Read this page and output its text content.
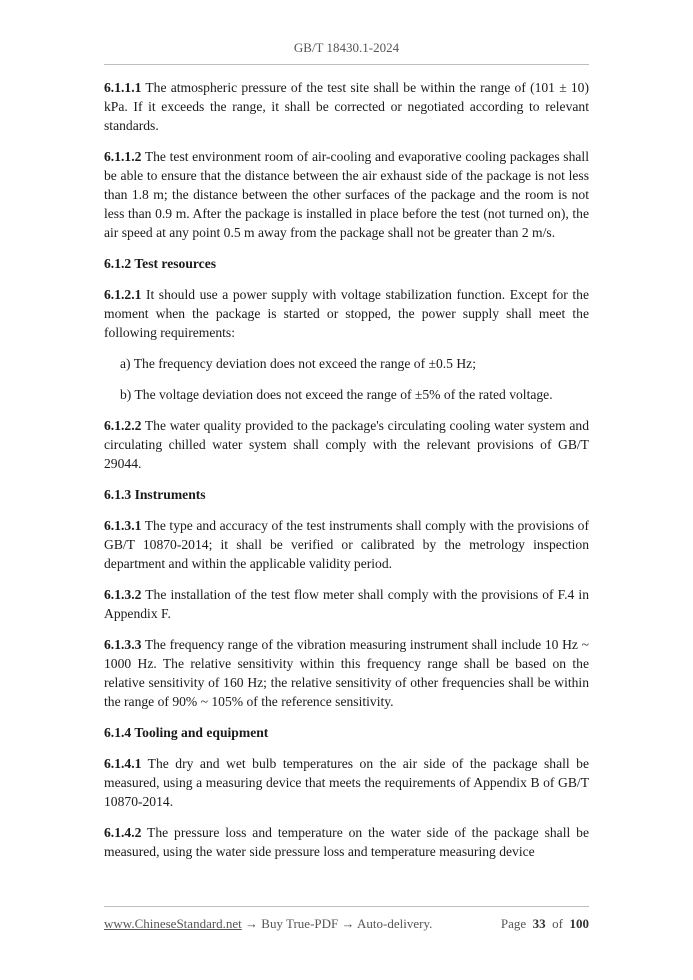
GB/T 18430.1-2024

6.1.1.1 The atmospheric pressure of the test site shall be within the range of (101 ± 10) kPa. If it exceeds the range, it shall be corrected or negotiated according to relevant standards.

6.1.1.2 The test environment room of air-cooling and evaporative cooling packages shall be able to ensure that the distance between the air exhaust side of the package is not less than 1.8 m; the distance between the other surfaces of the package and the room is not less than 0.9 m. After the package is installed in place before the test (not turned on), the air speed at any point 0.5 m away from the package shall not be greater than 2 m/s.

6.1.2 Test resources

6.1.2.1 It should use a power supply with voltage stabilization function. Except for the moment when the package is started or stopped, the power supply shall meet the following requirements:

a) The frequency deviation does not exceed the range of ±0.5 Hz;

b) The voltage deviation does not exceed the range of ±5% of the rated voltage.

6.1.2.2 The water quality provided to the package's circulating cooling water system and circulating chilled water system shall comply with the relevant provisions of GB/T 29044.

6.1.3 Instruments

6.1.3.1 The type and accuracy of the test instruments shall comply with the provisions of GB/T 10870-2014; it shall be verified or calibrated by the metrology inspection department and within the applicable validity period.

6.1.3.2 The installation of the test flow meter shall comply with the provisions of F.4 in Appendix F.

6.1.3.3 The frequency range of the vibration measuring instrument shall include 10 Hz ~ 1000 Hz. The relative sensitivity within this frequency range shall be based on the relative sensitivity of 160 Hz; the relative sensitivity of other frequencies shall be within the range of 90% ~ 105% of the reference sensitivity.

6.1.4 Tooling and equipment

6.1.4.1 The dry and wet bulb temperatures on the air side of the package shall be measured, using a measuring device that meets the requirements of Appendix B of GB/T 10870-2014.

6.1.4.2 The pressure loss and temperature on the water side of the package shall be measured, using the water side pressure loss and temperature measuring device

www.ChineseStandard.net → Buy True-PDF → Auto-delivery.	Page 33 of 100
